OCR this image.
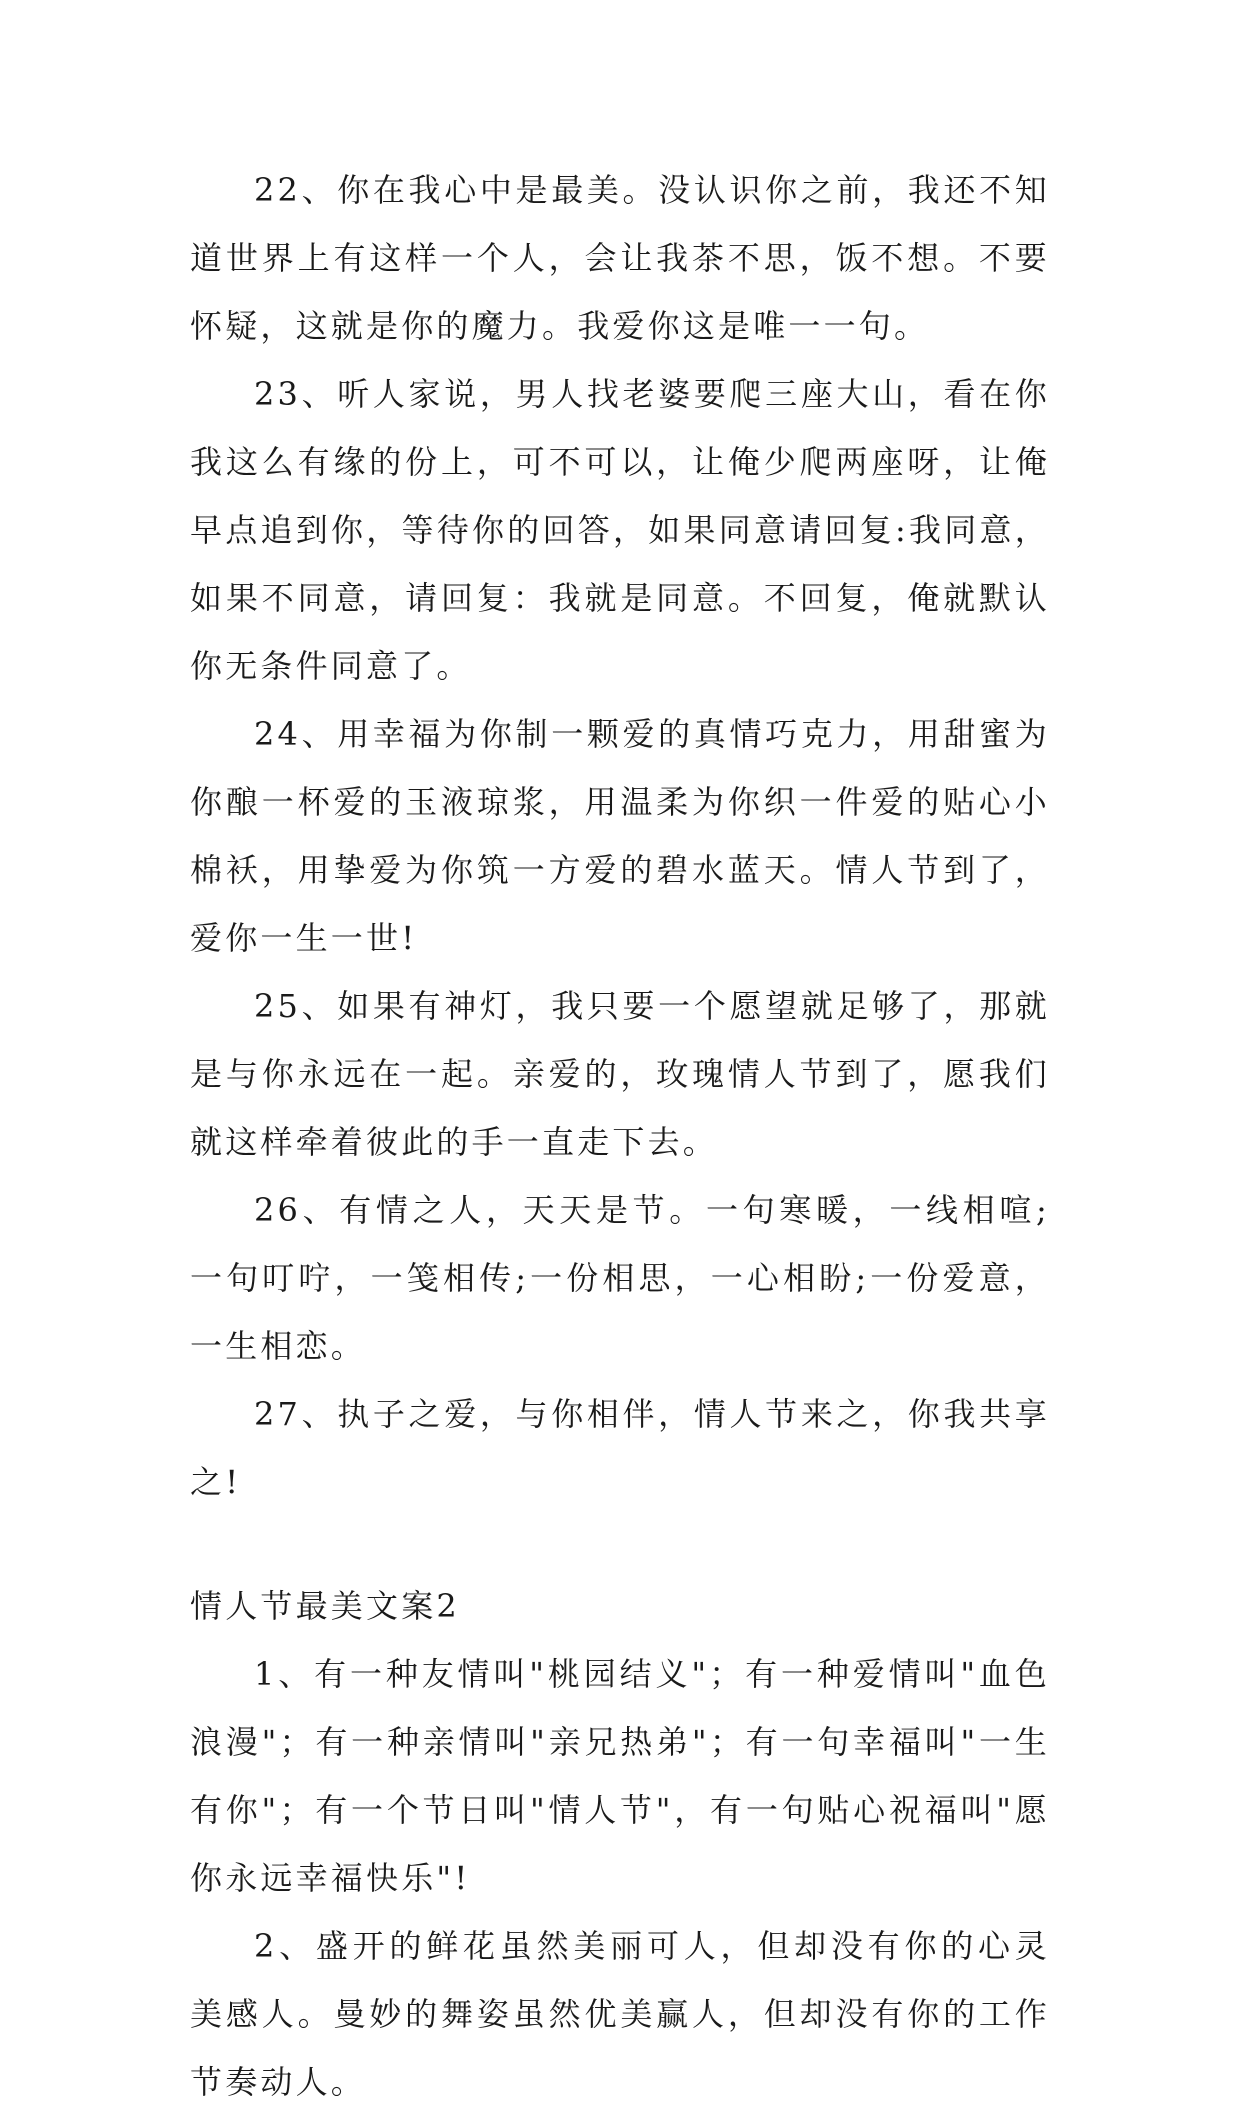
22、你在我心中是最美。没认识你之前，我还不知道世界上有这样一个人，会让我茶不思，饭不想。不要怀疑，这就是你的魔力。我爱你这是唯一一句。

23、听人家说，男人找老婆要爬三座大山，看在你我这么有缘的份上，可不可以，让俺少爬两座呀，让俺早点追到你，等待你的回答，如果同意请回复:我同意，如果不同意，请回复：我就是同意。不回复，俺就默认你无条件同意了。

24、用幸福为你制一颗爱的真情巧克力，用甜蜜为你酿一杯爱的玉液琼浆，用温柔为你织一件爱的贴心小棉袄，用挚爱为你筑一方爱的碧水蓝天。情人节到了，爱你一生一世!

25、如果有神灯，我只要一个愿望就足够了，那就是与你永远在一起。亲爱的，玫瑰情人节到了，愿我们就这样牵着彼此的手一直走下去。

26、有情之人，天天是节。一句寒暖，一线相喧;一句叮咛，一笺相传;一份相思，一心相盼;一份爱意，一生相恋。

27、执子之爱，与你相伴，情人节来之，你我共享之!

情人节最美文案2

1、有一种友情叫"桃园结义"；有一种爱情叫"血色浪漫"；有一种亲情叫"亲兄热弟"；有一句幸福叫"一生有你"；有一个节日叫"情人节"，有一句贴心祝福叫"愿你永远幸福快乐"!

2、盛开的鲜花虽然美丽可人，但却没有你的心灵美感人。曼妙的舞姿虽然优美赢人，但却没有你的工作节奏动人。
